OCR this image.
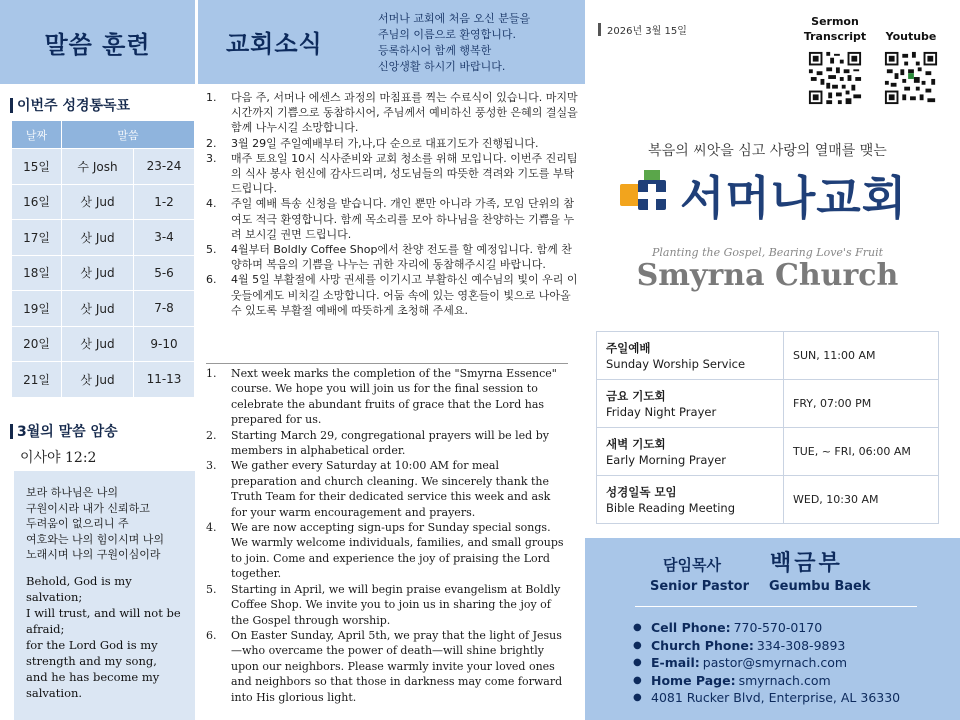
말씀 훈련
이번주 성경통독표
날짜	말씀	
15일	수 Josh	23-24
16일	삿 Jud	1-2
17일	삿 Jud	3-4
18일	삿 Jud	5-6
19일	삿 Jud	7-8
20일	삿 Jud	9-10
21일	삿 Jud	11-13
3월의 말씀 암송
이사야 12:2
보라 하나님은 나의
구원이시라 내가 신뢰하고
두려움이 없으리니 주
여호와는 나의 힘이시며 나의
노래시며 나의 구원이심이라
Behold, God is my
salvation;
I will trust, and will not be
afraid;
for the Lord God is my
strength and my song,
and he has become my
salvation.
교회소식
서머나 교회에 처음 오신 분들을
주님의 이름으로 환영합니다.
등록하시어 함께 행복한
신앙생활 하시기 바랍니다.
1.	다음 주, 서머나 에센스 과정의 마침표를 찍는 수료식이 있습니다. 마지막 시간까지 기쁨으로 동참하시어, 주님께서 예비하신 풍성한 은혜의 결실을 함께 나누시길 소망합니다.
2.	3월 29일 주일예배부터 가,나,다 순으로 대표기도가 진행됩니다.
3.	매주 토요일 10시 식사준비와 교회 청소를 위해 모입니다. 이번주 진리팀의 식사 봉사 헌신에 감사드리며, 성도님들의 따뜻한 격려와 기도를 부탁드립니다.
4.	주일 예배 특송 신청을 받습니다. 개인 뿐만 아니라 가족, 모임 단위의 참여도 적극 환영합니다. 함께 목소리를 모아 하나님을 찬양하는 기쁨을 누려 보시길 권면 드립니다.
5.	4월부터 Boldly Coffee Shop에서 찬양 전도를 할 예정입니다. 함께 찬양하며 복음의 기쁨을 나누는 귀한 자리에 동참해주시길 바랍니다.
6.	4월 5일 부활절에 사망 권세를 이기시고 부활하신 예수님의 빛이 우리 이웃들에게도 비치길 소망합니다. 어둠 속에 있는 영혼들이 빛으로 나아올 수 있도록 부활절 예배에 따뜻하게 초청해 주세요.
1.	Next week marks the completion of the "Smyrna Essence" course. We hope you will join us for the final session to celebrate the abundant fruits of grace that the Lord has prepared for us.
2.	Starting March 29, congregational prayers will be led by members in alphabetical order.
3.	We gather every Saturday at 10:00 AM for meal preparation and church cleaning. We sincerely thank the Truth Team for their dedicated service this week and ask for your warm encouragement and prayers.
4.	We are now accepting sign-ups for Sunday special songs. We warmly welcome individuals, families, and small groups to join. Come and experience the joy of praising the Lord together.
5.	Starting in April, we will begin praise evangelism at Boldly Coffee Shop. We invite you to join us in sharing the joy of the Gospel through worship.
6.	On Easter Sunday, April 5th, we pray that the light of Jesus—who overcame the power of death—will shine brightly upon our neighbors. Please warmly invite your loved ones and neighbors so that those in darkness may come forward into His glorious light.
2026년 3월 15일
Sermon
Transcript	Youtube
복음의 씨앗을 심고 사랑의 열매를 맺는
서머나교회
Planting the Gospel, Bearing Love's Fruit
Smyrna Church
주일예배
Sunday Worship Service	SUN, 11:00 AM

금요 기도회
Friday Night Prayer	FRY, 07:00 PM

새벽 기도회
Early Morning Prayer	TUE, ~ FRI, 06:00 AM

성경일독 모임
Bible Reading Meeting	WED, 10:30 AM
담임목사 백금부
Senior Pastor Geumbu Baek
● Cell Phone: 770-570-0170
● Church Phone: 334-308-9893
● E-mail: pastor@smyrnach.com
● Home Page: smyrnach.com
● 4081 Rucker Blvd, Enterprise, AL 36330
